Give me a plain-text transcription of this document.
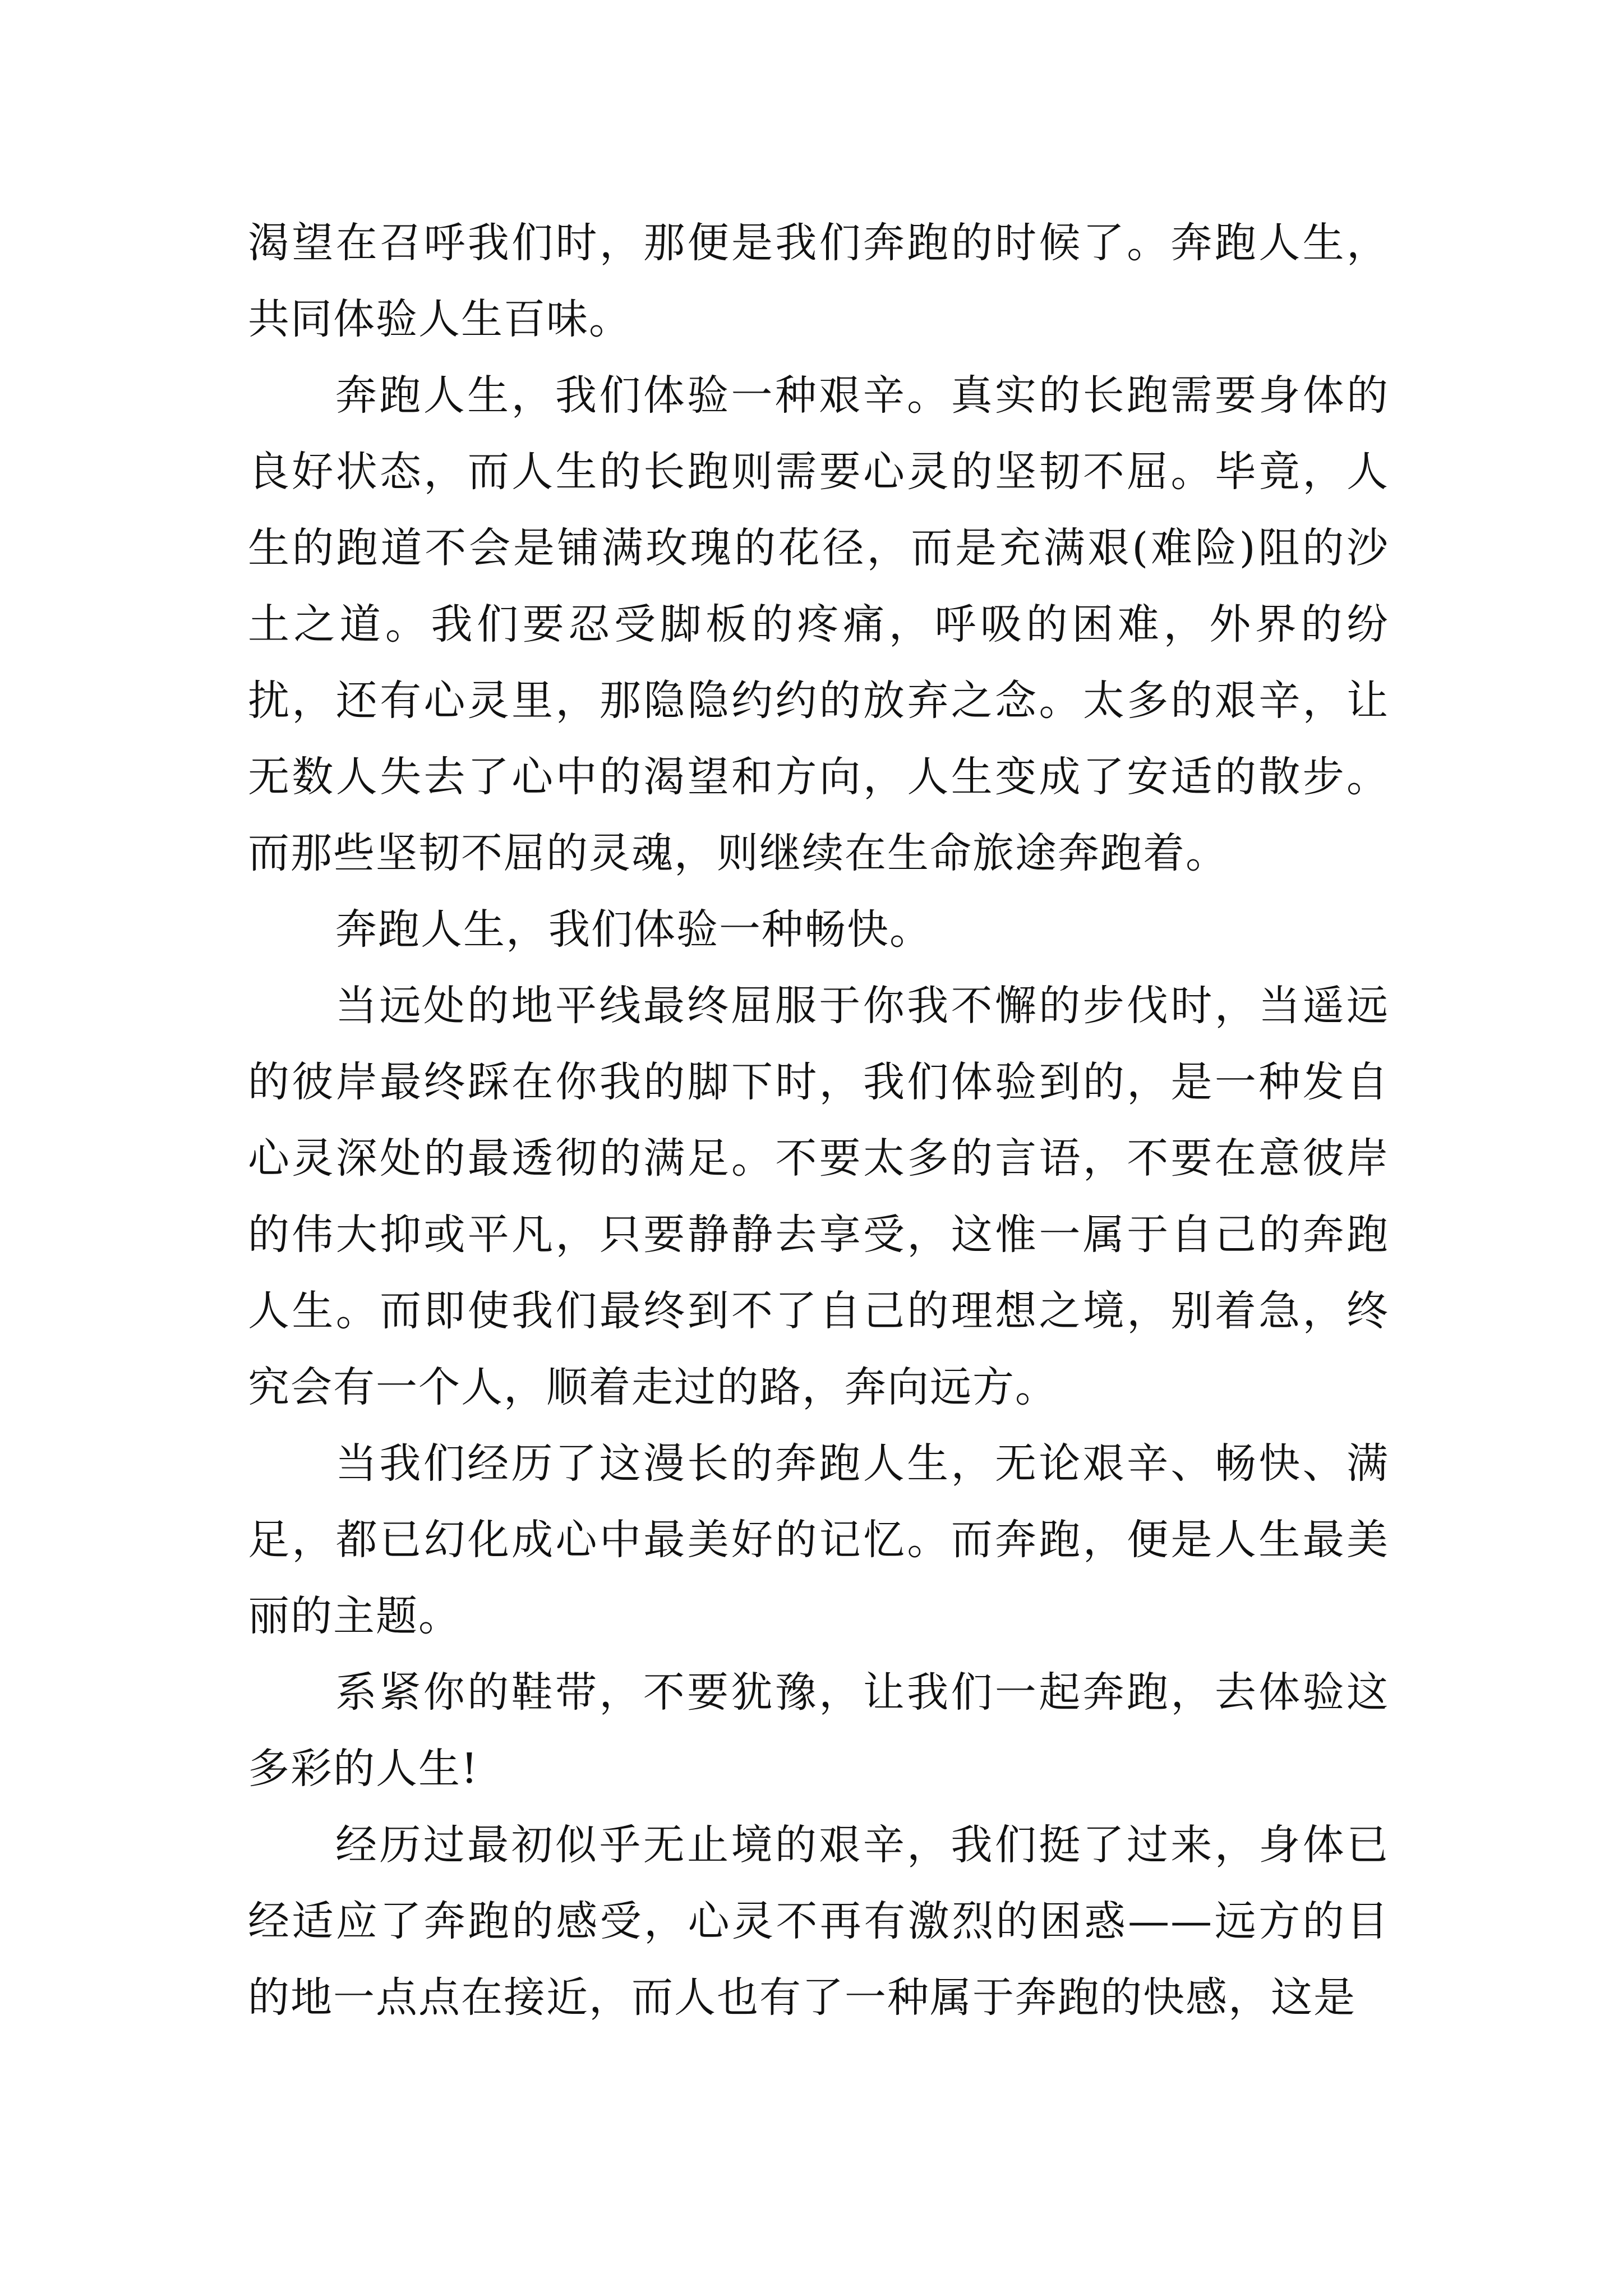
渴望在召呼我们时，那便是我们奔跑的时候了。奔跑人生，共同体验人生百味。

奔跑人生，我们体验一种艰辛。真实的长跑需要身体的良好状态，而人生的长跑则需要心灵的坚韧不屈。毕竟，人生的跑道不会是铺满玫瑰的花径，而是充满艰(难险)阻的沙土之道。我们要忍受脚板的疼痛，呼吸的困难，外界的纷扰，还有心灵里，那隐隐约约的放弃之念。太多的艰辛，让无数人失去了心中的渴望和方向，人生变成了安适的散步。而那些坚韧不屈的灵魂，则继续在生命旅途奔跑着。

奔跑人生，我们体验一种畅快。

当远处的地平线最终屈服于你我不懈的步伐时，当遥远的彼岸最终踩在你我的脚下时，我们体验到的，是一种发自心灵深处的最透彻的满足。不要太多的言语，不要在意彼岸的伟大抑或平凡，只要静静去享受，这惟一属于自己的奔跑人生。而即使我们最终到不了自己的理想之境，别着急，终究会有一个人，顺着走过的路，奔向远方。

当我们经历了这漫长的奔跑人生，无论艰辛、畅快、满足，都已幻化成心中最美好的记忆。而奔跑，便是人生最美丽的主题。

系紧你的鞋带，不要犹豫，让我们一起奔跑，去体验这多彩的人生!

经历过最初似乎无止境的艰辛，我们挺了过来，身体已经适应了奔跑的感受，心灵不再有激烈的困惑——远方的目的地一点点在接近，而人也有了一种属于奔跑的快感，这是
